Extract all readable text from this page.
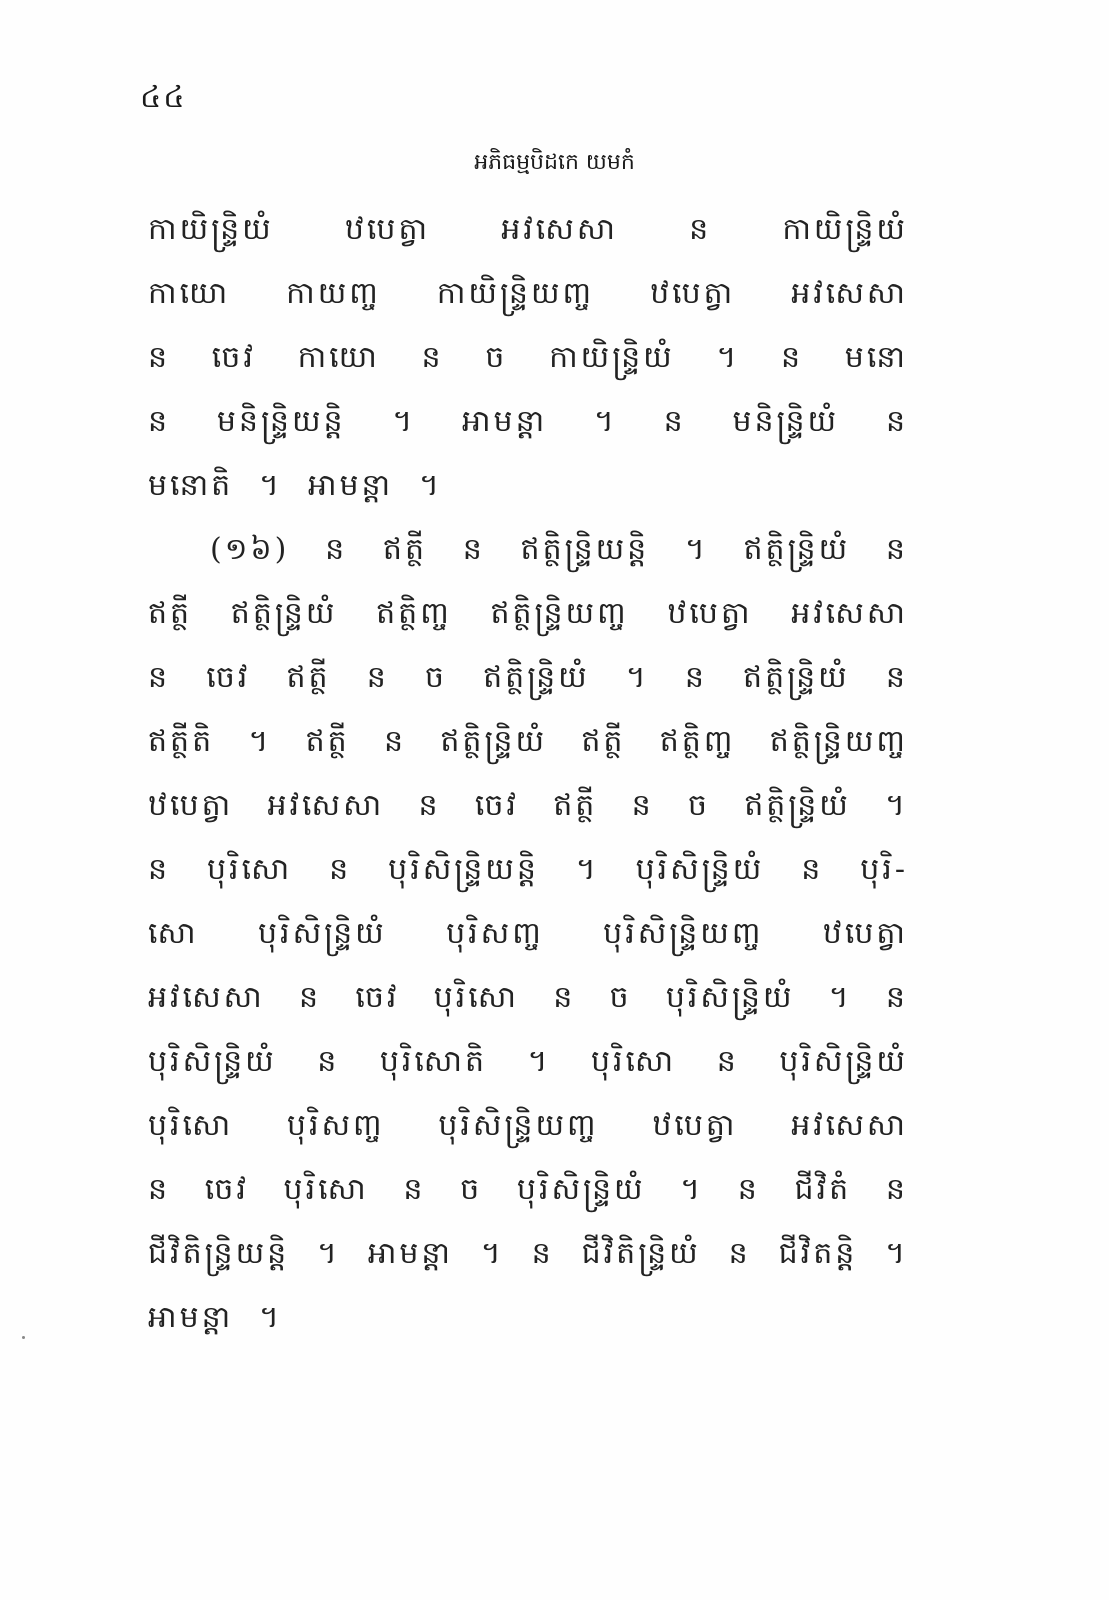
៤៤
អភិធម្មបិដកេ យមកំ
កាយិន្ទ្រិយំ ឋបេត្វា អវសេសា ន កាយិន្ទ្រិយំ
កាយោ កាយញ្ច កាយិន្ទ្រិយញ្ច ឋបេត្វា អវសេសា
ន ចេវ កាយោ ន ច កាយិន្ទ្រិយំ ។ ន មនោ
ន មនិន្ទ្រិយន្តិ ។ អាមន្តា ។ ន មនិន្ទ្រិយំ ន
មនោតិ ។ អាមន្តា ។
(១៦) ន ឥត្ថី ន ឥត្ថិន្ទ្រិយន្តិ ។ ឥត្ថិន្ទ្រិយំ ន
ឥត្ថី ឥត្ថិន្ទ្រិយំ ឥត្ថិញ្ច ឥត្ថិន្ទ្រិយញ្ច ឋបេត្វា អវសេសា
ន ចេវ ឥត្ថី ន ច ឥត្ថិន្ទ្រិយំ ។ ន ឥត្ថិន្ទ្រិយំ ន
ឥត្ថីតិ ។ ឥត្ថី ន ឥត្ថិន្ទ្រិយំ ឥត្ថី ឥត្ថិញ្ច ឥត្ថិន្ទ្រិយញ្ច
ឋបេត្វា អវសេសា ន ចេវ ឥត្ថី ន ច ឥត្ថិន្ទ្រិយំ ។
ន បុរិសោ ន បុរិសិន្ទ្រិយន្តិ ។ បុរិសិន្ទ្រិយំ ន បុរិ-
សោ បុរិសិន្ទ្រិយំ បុរិសញ្ច បុរិសិន្ទ្រិយញ្ច ឋបេត្វា
អវសេសា ន ចេវ បុរិសោ ន ច បុរិសិន្ទ្រិយំ ។ ន
បុរិសិន្ទ្រិយំ ន បុរិសោតិ ។ បុរិសោ ន បុរិសិន្ទ្រិយំ
បុរិសោ បុរិសញ្ច បុរិសិន្ទ្រិយញ្ច ឋបេត្វា អវសេសា
ន ចេវ បុរិសោ ន ច បុរិសិន្ទ្រិយំ ។ ន ជីវិតំ ន
ជីវិតិន្ទ្រិយន្តិ ។ អាមន្តា ។ ន ជីវិតិន្ទ្រិយំ ន ជីវិតន្តិ ។
អាមន្តា ។
